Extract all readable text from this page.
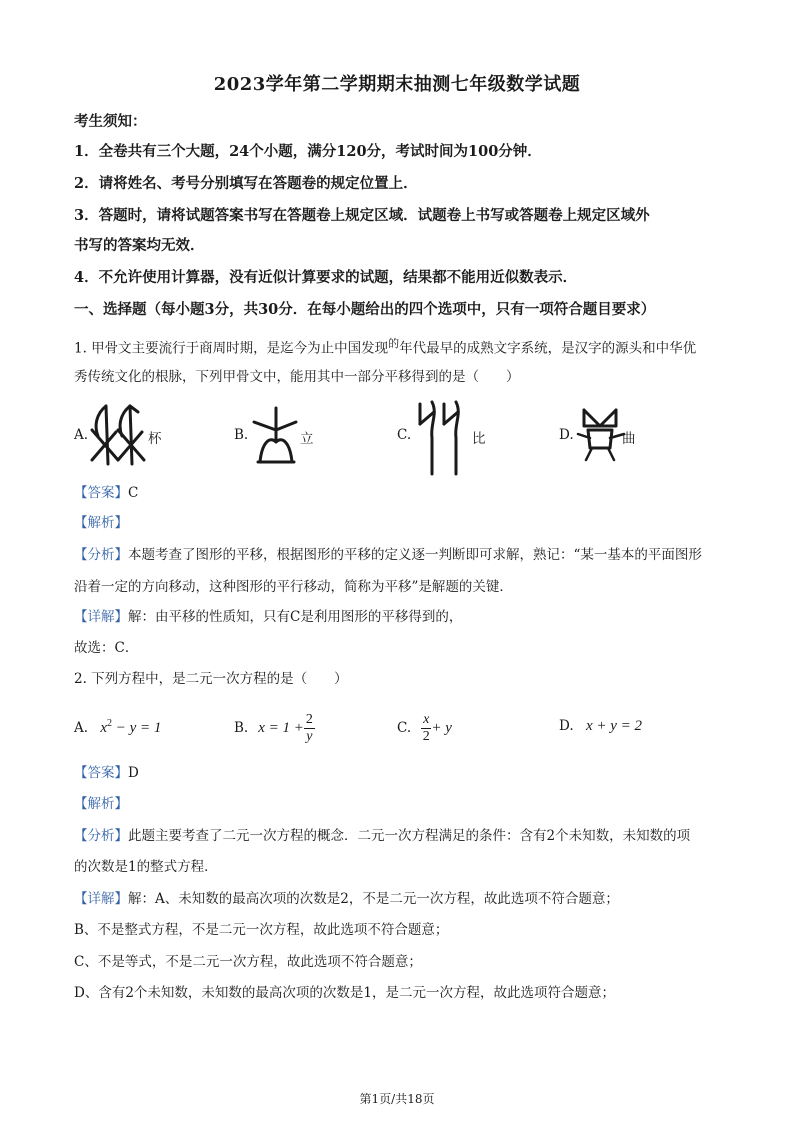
2023学年第二学期期末抽测七年级数学试题
考生须知：
1．全卷共有三个大题，24个小题，满分120分，考试时间为100分钟．
2．请将姓名、考号分别填写在答题卷的规定位置上．
3．答题时，请将试题答案书写在答题卷上规定区域．试题卷上书写或答题卷上规定区域外
书写的答案均无效．
4．不允许使用计算器，没有近似计算要求的试题，结果都不能用近似数表示．
一、选择题（每小题3分，共30分．在每小题给出的四个选项中，只有一项符合题目要求）
1. 甲骨文主要流行于商周时期，是迄今为止中国发现$^的$年代最早的成熟文字系统，是汉字的源头和中华优
秀传统文化的根脉，下列甲骨文中，能用其中一部分平移得到的是（　　）
A.	杯	B.	立	C.	比	D.	曲
【答案】C
【解析】
【分析】本题考查了图形的平移，根据图形的平移的定义逐一判断即可求解，熟记：“某一基本的平面图形
沿着一定的方向移动，这种图形的平行移动，简称为平移”是解题的关键．
【详解】解：由平移的性质知，只有C是利用图形的平移得到的，
故选：C．
2. 下列方程中，是二元一次方程的是（　　）
A. $x^2 - y = 1$	B. $x = 1 + \frac{2}{y}$	C. $\frac{x}{2} + y$	D. x + y = 2
【答案】D
【解析】
【分析】此题主要考查了二元一次方程的概念．二元一次方程满足的条件：含有2个未知数，未知数的项
的次数是1的整式方程．
【详解】解：A、未知数的最高次项的次数是2，不是二元一次方程，故此选项不符合题意；
B、不是整式方程，不是二元一次方程，故此选项不符合题意；
C、不是等式，不是二元一次方程，故此选项不符合题意；
D、含有2个未知数，未知数的最高次项的次数是1，是二元一次方程，故此选项符合题意；
第1页/共18页
